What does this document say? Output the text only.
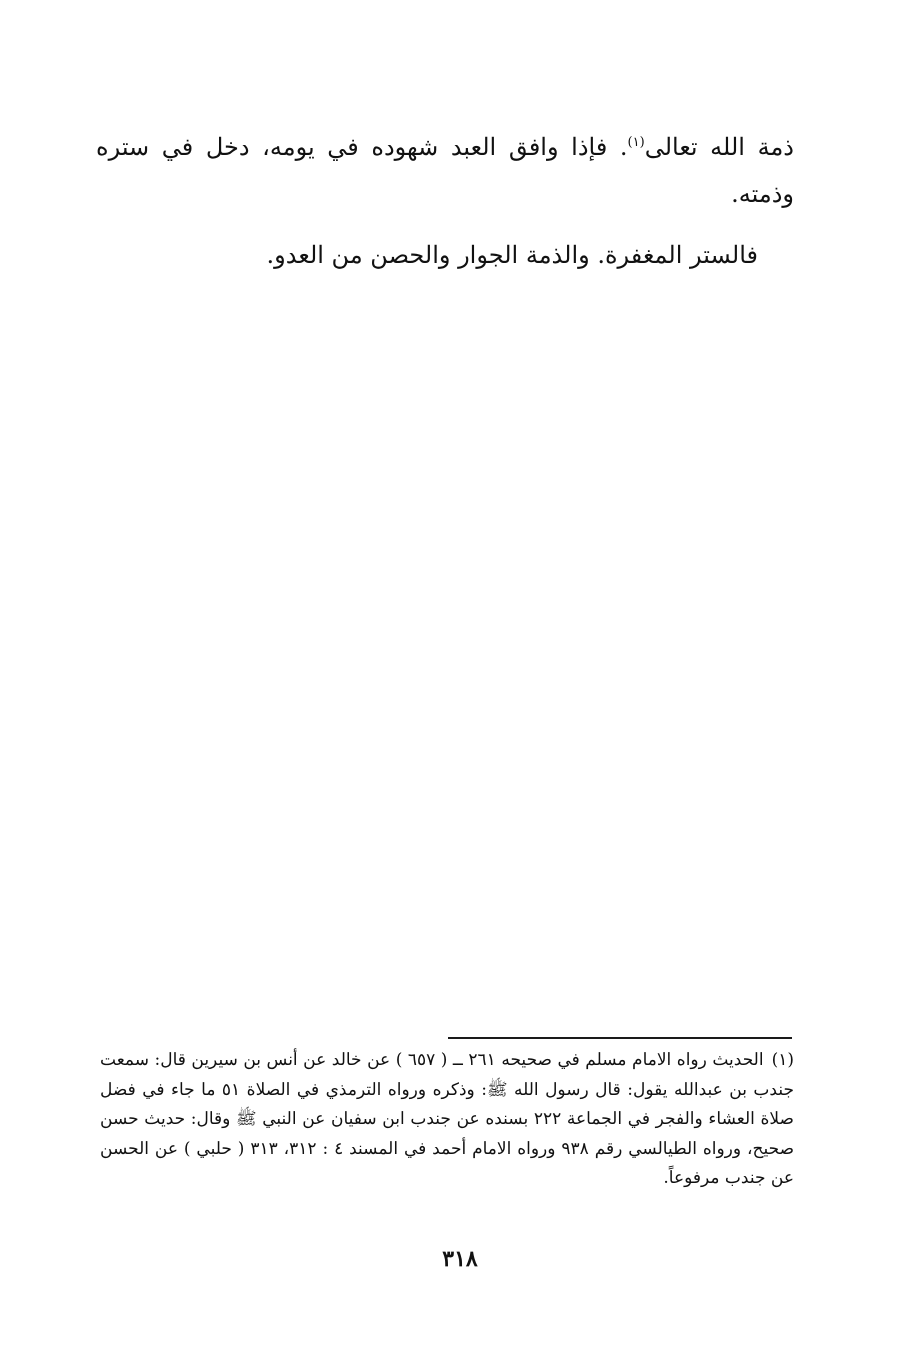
ذمة الله تعالى$^{(١)}$. فإذا وافق العبد شهوده في يومه، دخل في ستره وذمته.

فالستر المغفرة. والذمة الجوار والحصن من العدو.

(١)الحديث رواه الامام مسلم في صحيحه ٢٦١ ــ ( ٦٥٧ ) عن خالد عن أنس بن سيرين قال: سمعت جندب بن عبدالله يقول: قال رسول الله ﷺ: وذكره ورواه الترمذي في الصلاة ٥١ ما جاء في فضل صلاة العشاء والفجر في الجماعة ٢٢٢ بسنده عن جندب ابن سفيان عن النبي ﷺ وقال: حديث حسن صحيح، ورواه الطيالسي رقم ٩٣٨ ورواه الامام أحمد في المسند ٤ : ٣١٢، ٣١٣ ( حلبي ) عن الحسن عن جندب مرفوعاً.

٣١٨
